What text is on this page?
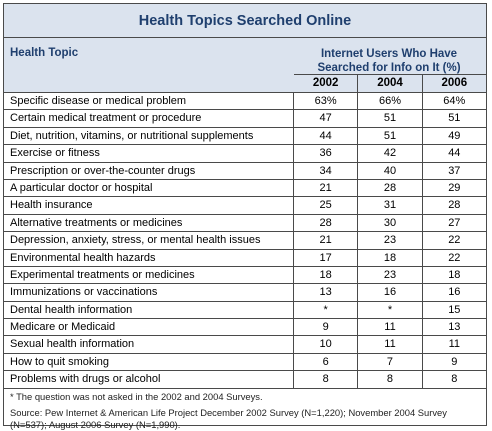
Health Topics Searched Online
Health Topic	Internet Users Who Have
Searched for Info on It (%)
2002	2004	2006
Specific disease or medical problem	63%	66%	64%
Certain medical treatment or procedure	47	51	51
Diet, nutrition, vitamins, or nutritional supplements	44	51	49
Exercise or fitness	36	42	44
Prescription or over-the-counter drugs	34	40	37
A particular doctor or hospital	21	28	29
Health insurance	25	31	28
Alternative treatments or medicines	28	30	27
Depression, anxiety, stress, or mental health issues	21	23	22
Environmental health hazards	17	18	22
Experimental treatments or medicines	18	23	18
Immunizations or vaccinations	13	16	16
Dental health information	*	*	15
Medicare or Medicaid	9	11	13
Sexual health information	10	11	11
How to quit smoking	6	7	9
Problems with drugs or alcohol	8	8	8
* The question was not asked in the 2002 and 2004 Surveys.
Source: Pew Internet & American Life Project December 2002 Survey (N=1,220); November 2004 Survey (N=537); August 2006 Survey (N=1,990).
